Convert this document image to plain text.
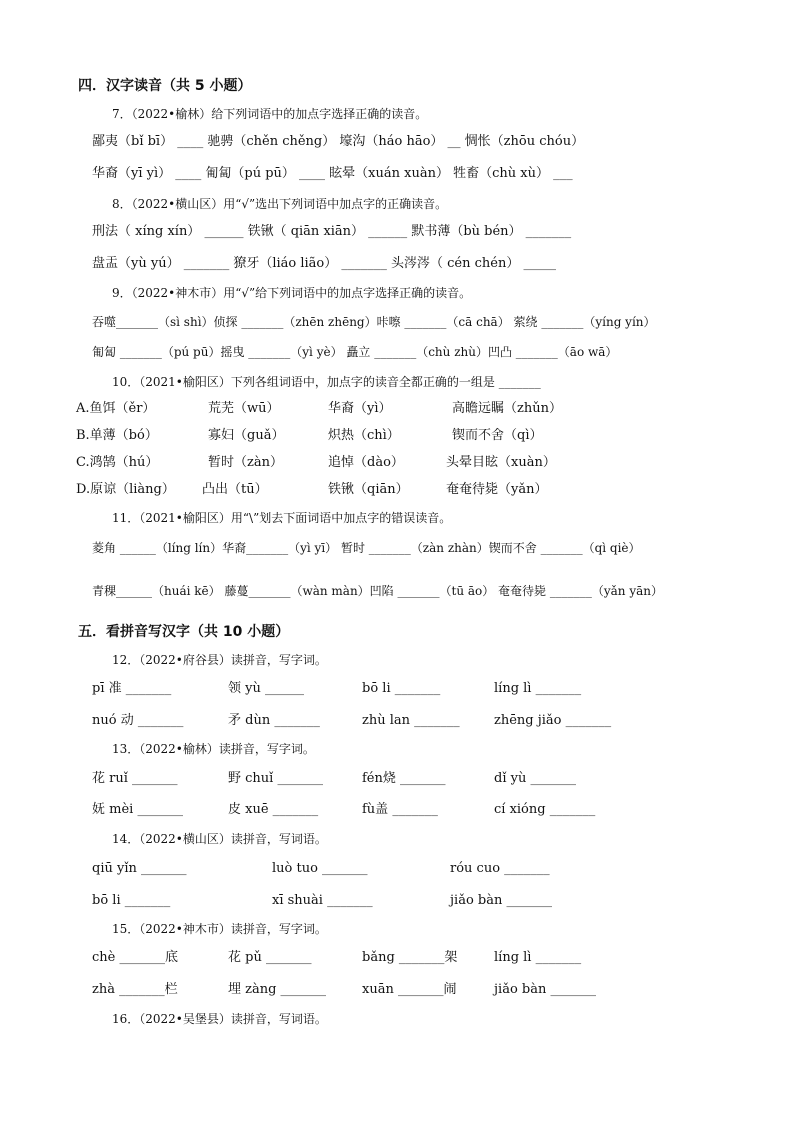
四．汉字读音（共 5 小题）
7．（2022•榆林）给下列词语中的加点字选择正确的读音。
鄙夷（bǐ bī） ____ 驰骋（chěn chěng） 壕沟（háo hāo） __ 惆怅（zhōu chóu）
华裔（yī yì） ____ 匍匐（pú pū） ____ 眩晕（xuán xuàn） 牲畜（chù xù） ___
8．（2022•横山区）用“√”选出下列词语中加点字的正确读音。
刑法（ xíng xín） ______ 铁锹（ qiān xiān） ______ 默书薄（bù bén） _______
盘盂（yù yú） _______ 獠牙（liáo lião） _______ 头涔涔（ cén chén） _____
9．（2022•神木市）用“√”给下列词语中的加点字选择正确的读音。
吞噬_______（sì shì）侦探 _______（zhēn zhēng）咔嚓 _______（cā chā） 萦绕 _______（yíng yín）
匍匐 _______（pú pū）摇曳 _______（yì yè） 矗立 _______（chù zhù）凹凸 _______（āo wā）
10．（2021•榆阳区）下列各组词语中，加点字的读音全都正确的一组是 _______
A.鱼饵（ěr）	荒芜（wū）	华裔（yì）	高瞻远瞩（zhǔn）
B.单薄（bó）	寡妇（guǎ）	炽热（chì）	锲而不舍（qì）
C.鸿鹄（hú）	暂时（zàn）	追悼（dào）	头晕目眩（xuàn）
D.原谅（liàng） 凸出（tū）	铁锹（qiān）	奄奄待毙（yǎn）
11．（2021•榆阳区）用“\”划去下面词语中加点字的错误读音。
菱角 ______（líng lín）华裔_______（yì yī） 暂时 _______（zàn zhàn）锲而不舍 _______（qì qiè）
青稞______（huái kē） 藤蔓_______（wàn màn）凹陷 _______（tū āo） 奄奄待毙 _______（yǎn yān）
五．看拼音写汉字（共 10 小题）
12．（2022•府谷县）读拼音，写字词。
pī 准 _______	领 yù ______	bō li _______	líng lì _______
nuó 动 _______	矛 dùn _______	zhù lan _______	zhēng jiǎo _______
13．（2022•榆林）读拼音，写字词。
花 ruǐ _______	野 chuǐ _______	fén烧 _______	dǐ yù _______
妩 mèi _______	皮 xuē _______	fù盖 _______	cí xióng _______
14．（2022•横山区）读拼音，写词语。
qiū yǐn _______	luò tuo _______	róu cuo _______
bō li _______	xī shuài _______	jiǎo bàn _______
15．（2022•神木市）读拼音，写字词。
chè _______底	花 pǔ _______	bǎng _______架	líng lì _______
zhà _______栏	埋 zàng _______	xuān _______闹	jiǎo bàn _______
16．（2022•吴堡县）读拼音，写词语。
